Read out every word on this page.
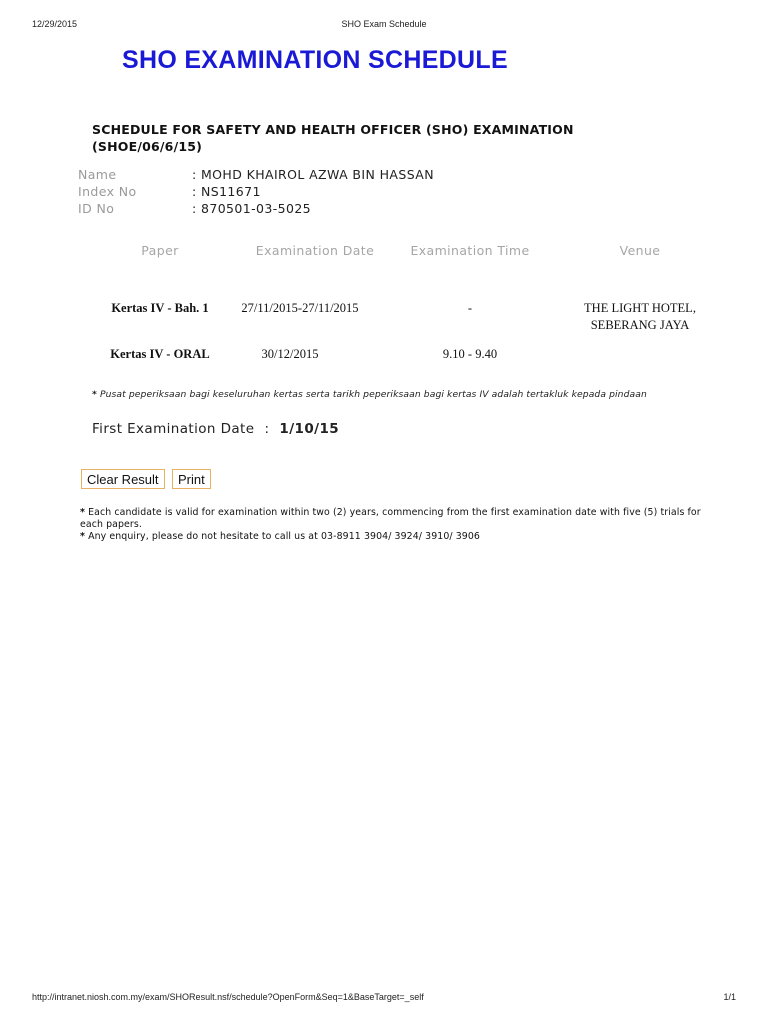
12/29/2015	SHO Exam Schedule
SHO EXAMINATION SCHEDULE
SCHEDULE FOR SAFETY AND HEALTH OFFICER (SHO) EXAMINATION
(SHOE/06/6/15)
Name	: MOHD KHAIROL AZWA BIN HASSAN
Index No	: NS11671
ID No	: 870501-03-5025
Paper	Examination Date	Examination Time	Venue
Kertas IV - Bah. 1	27/11/2015-27/11/2015	-	THE LIGHT HOTEL,
SEBERANG JAYA
Kertas IV - ORAL	30/12/2015	9.10 - 9.40
* Pusat peperiksaan bagi keseluruhan kertas serta tarikh peperiksaan bagi kertas IV adalah tertakluk kepada pindaan
First Examination Date : 1/10/15
Clear Result	Print
* Each candidate is valid for examination within two (2) years, commencing from the first examination date with five (5) trials for each papers.
* Any enquiry, please do not hesitate to call us at 03-8911 3904/ 3924/ 3910/ 3906
http://intranet.niosh.com.my/exam/SHOResult.nsf/schedule?OpenForm&Seq=1&BaseTarget=_self	1/1
